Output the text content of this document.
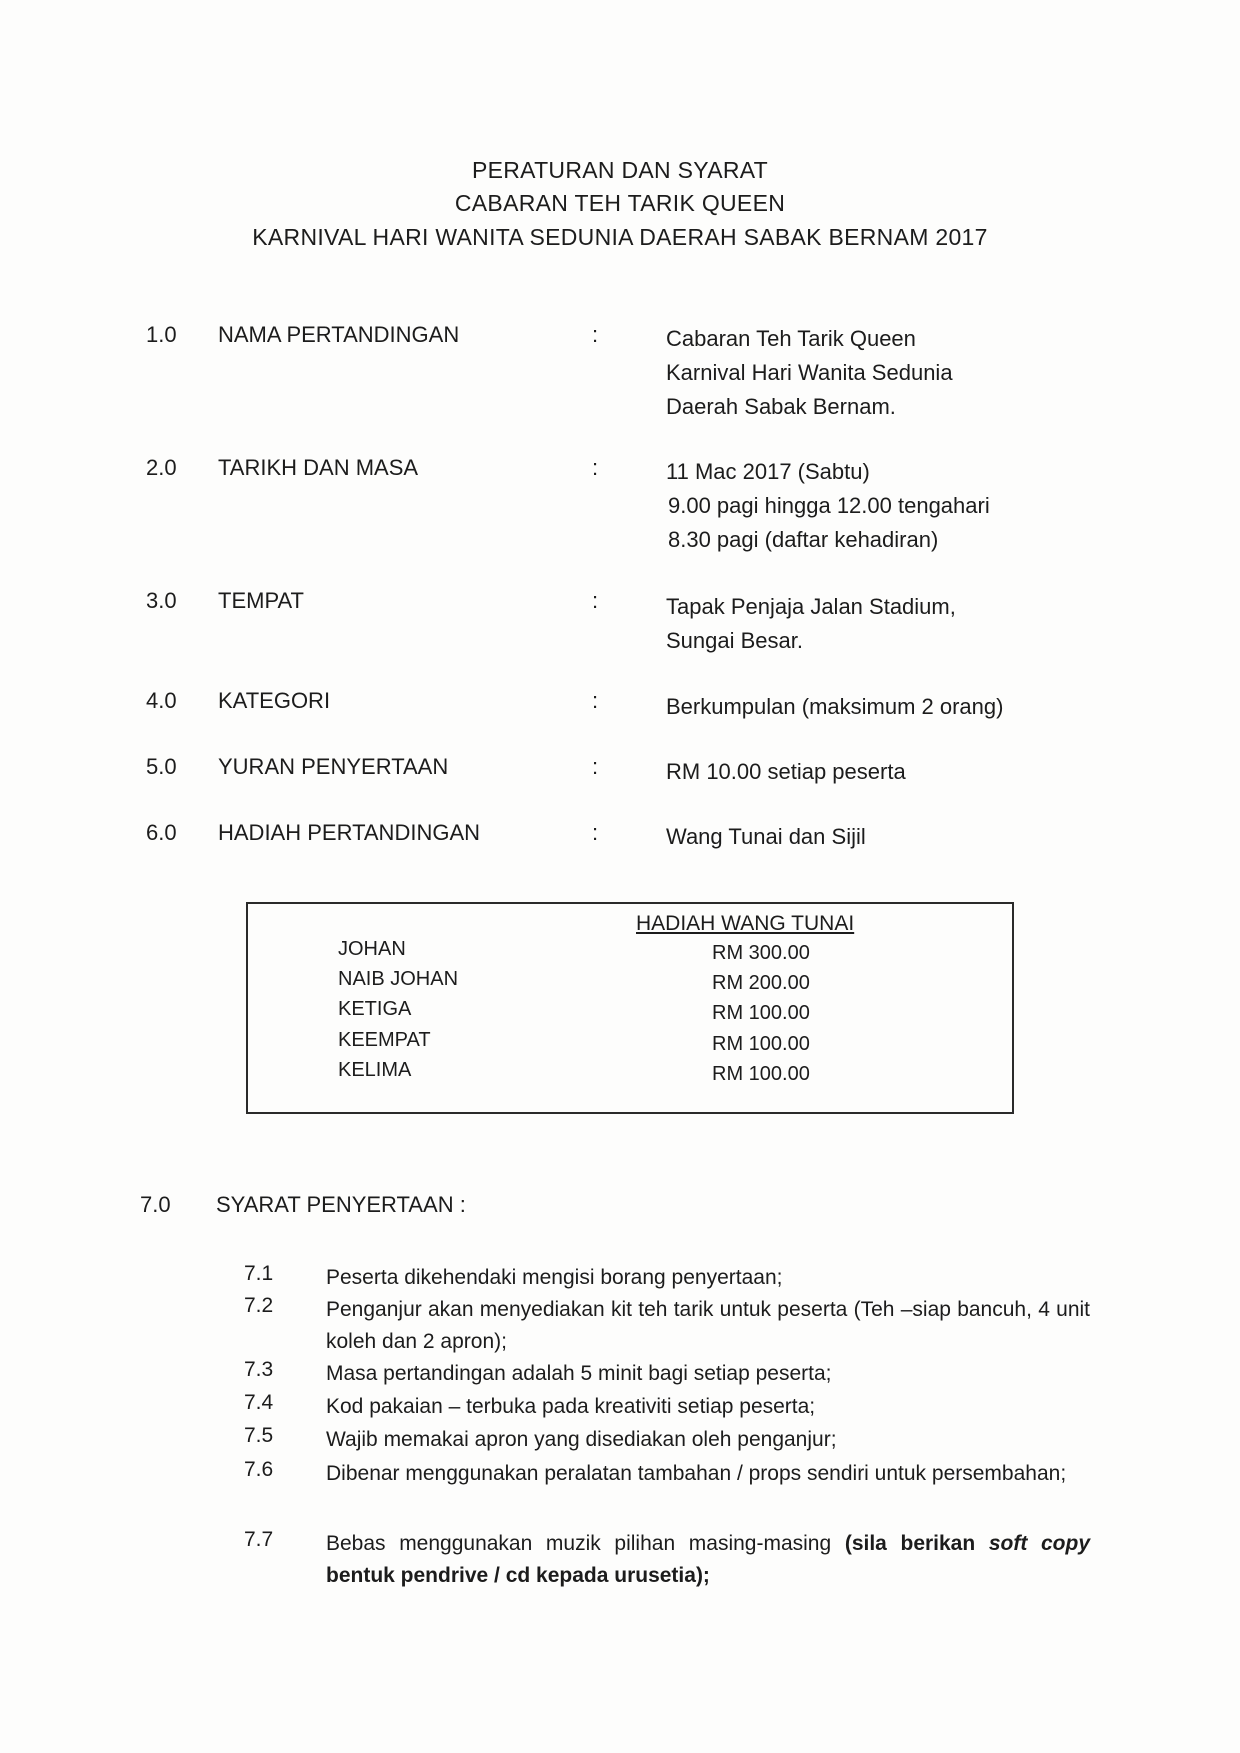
PERATURAN DAN SYARAT
CABARAN TEH TARIK QUEEN
KARNIVAL HARI WANITA SEDUNIA DAERAH SABAK BERNAM 2017
1.0 NAMA PERTANDINGAN	:	Cabaran Teh Tarik Queen
Karnival Hari Wanita Sedunia
Daerah Sabak Bernam.
2.0 TARIKH DAN MASA	:	11 Mac 2017 (Sabtu)
9.00 pagi hingga 12.00 tengahari
8.30 pagi (daftar kehadiran)
3.0 TEMPAT	:	Tapak Penjaja Jalan Stadium,
Sungai Besar.
4.0 KATEGORI	:	Berkumpulan (maksimum 2 orang)
5.0 YURAN PENYERTAAN	:	RM 10.00 setiap peserta
6.0 HADIAH PERTANDINGAN	:	Wang Tunai dan Sijil
HADIAH WANG TUNAI
JOHAN	RM 300.00
NAIB JOHAN	RM 200.00
KETIGA	RM 100.00
KEEMPAT	RM 100.00
KELIMA	RM 100.00
7.0 SYARAT PENYERTAAN :
7.1	Peserta dikehendaki mengisi borang penyertaan;
7.2	Penganjur akan menyediakan kit teh tarik untuk peserta (Teh –siap bancuh, 4 unit koleh dan 2 apron);
7.3	Masa pertandingan adalah 5 minit bagi setiap peserta;
7.4	Kod pakaian – terbuka pada kreativiti setiap peserta;
7.5	Wajib memakai apron yang disediakan oleh penganjur;
7.6	Dibenar menggunakan peralatan tambahan / props sendiri untuk persembahan;
7.7	Bebas menggunakan muzik pilihan masing-masing (sila berikan soft copy bentuk pendrive / cd kepada urusetia);
